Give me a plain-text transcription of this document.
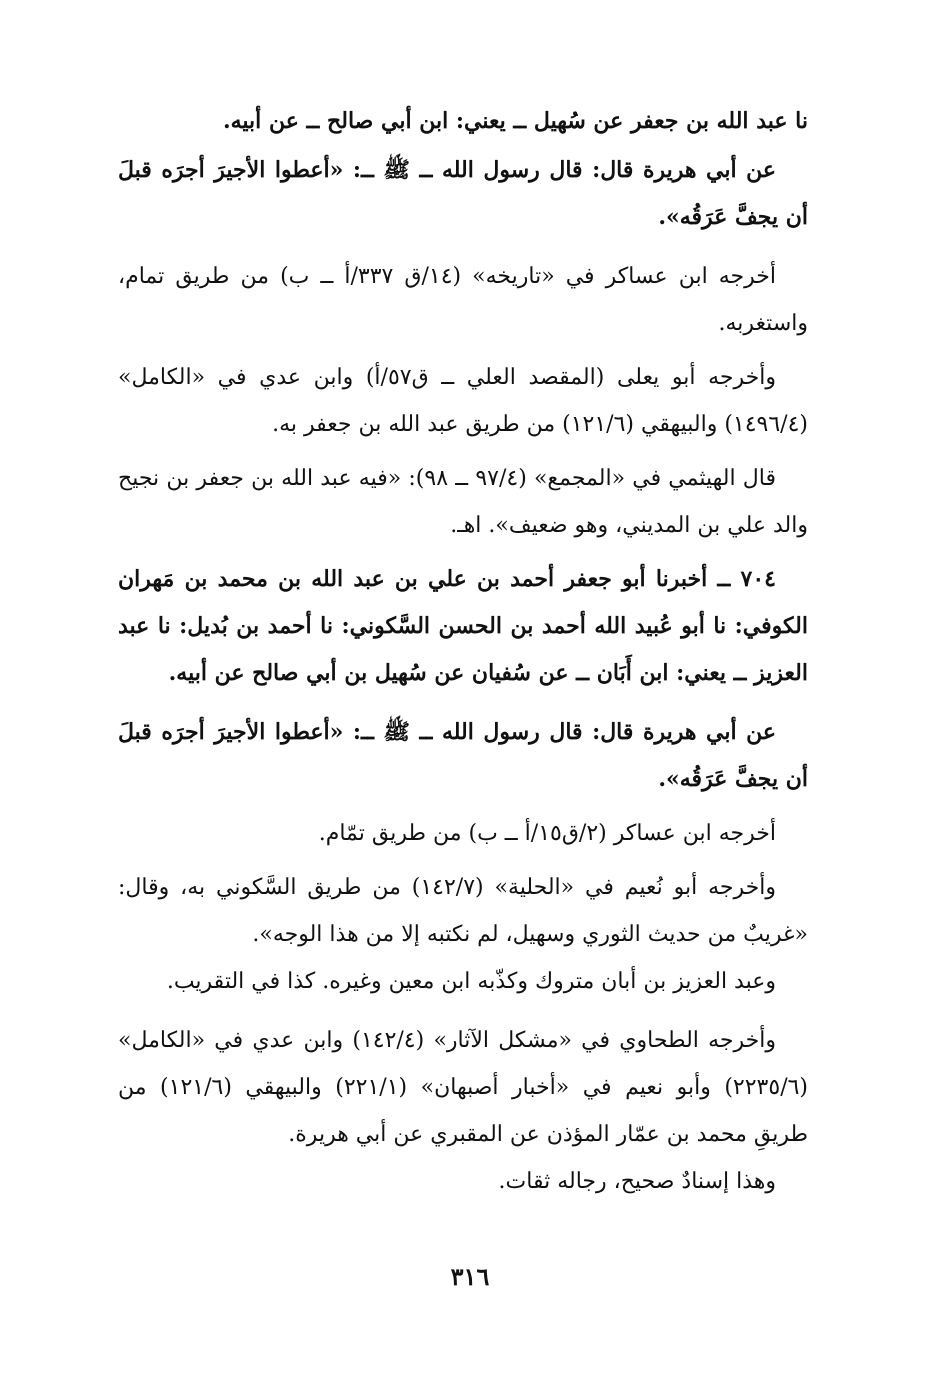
نا عبد الله بن جعفر عن سُهيل ــ يعني: ابن أبي صالح ــ عن أبيه.

عن أبي هريرة قال: قال رسول الله ــ ﷺ ــ: «أعطوا الأجيرَ أجرَه قبلَ أن يجفَّ عَرَقُه».

أخرجه ابن عساكر في «تاريخه» (١٤/ق ٣٣٧/أ ــ ب) من طريق تمام، واستغربه.

وأخرجه أبو يعلى (المقصد العلي ــ ق٥٧/أ) وابن عدي في «الكامل» (١٤٩٦/٤) والبيهقي (١٢١/٦) من طريق عبد الله بن جعفر به.

قال الهيثمي في «المجمع» (٩٧/٤ ــ ٩٨): «فيه عبد الله بن جعفر بن نجيح والد علي بن المديني، وهو ضعيف». اهـ.

٧٠٤ ــ أخبرنا أبو جعفر أحمد بن علي بن عبد الله بن محمد بن مَهران الكوفي: نا أبو عُبيد الله أحمد بن الحسن السَّكوني: نا أحمد بن بُديل: نا عبد العزيز ــ يعني: ابن أَبَان ــ عن سُفيان عن سُهيل بن أبي صالح عن أبيه.

عن أبي هريرة قال: قال رسول الله ــ ﷺ ــ: «أعطوا الأجيرَ أجرَه قبلَ أن يجفَّ عَرَقُه».

أخرجه ابن عساكر (٢/ق١٥/أ ــ ب) من طريق تمّام.

وأخرجه أبو نُعيم في «الحلية» (١٤٢/٧) من طريق السَّكوني به، وقال: «غريبٌ من حديث الثوري وسهيل، لم نكتبه إلا من هذا الوجه».

وعبد العزيز بن أبان متروك وكذّبه ابن معين وغيره. كذا في التقريب.

وأخرجه الطحاوي في «مشكل الآثار» (١٤٢/٤) وابن عدي في «الكامل» (٢٢٣٥/٦) وأبو نعيم في «أخبار أصبهان» (٢٢١/١) والبيهقي (١٢١/٦) من طريقِ محمد بن عمّار المؤذن عن المقبري عن أبي هريرة.

وهذا إسنادٌ صحيح، رجاله ثقات.

٣١٦
